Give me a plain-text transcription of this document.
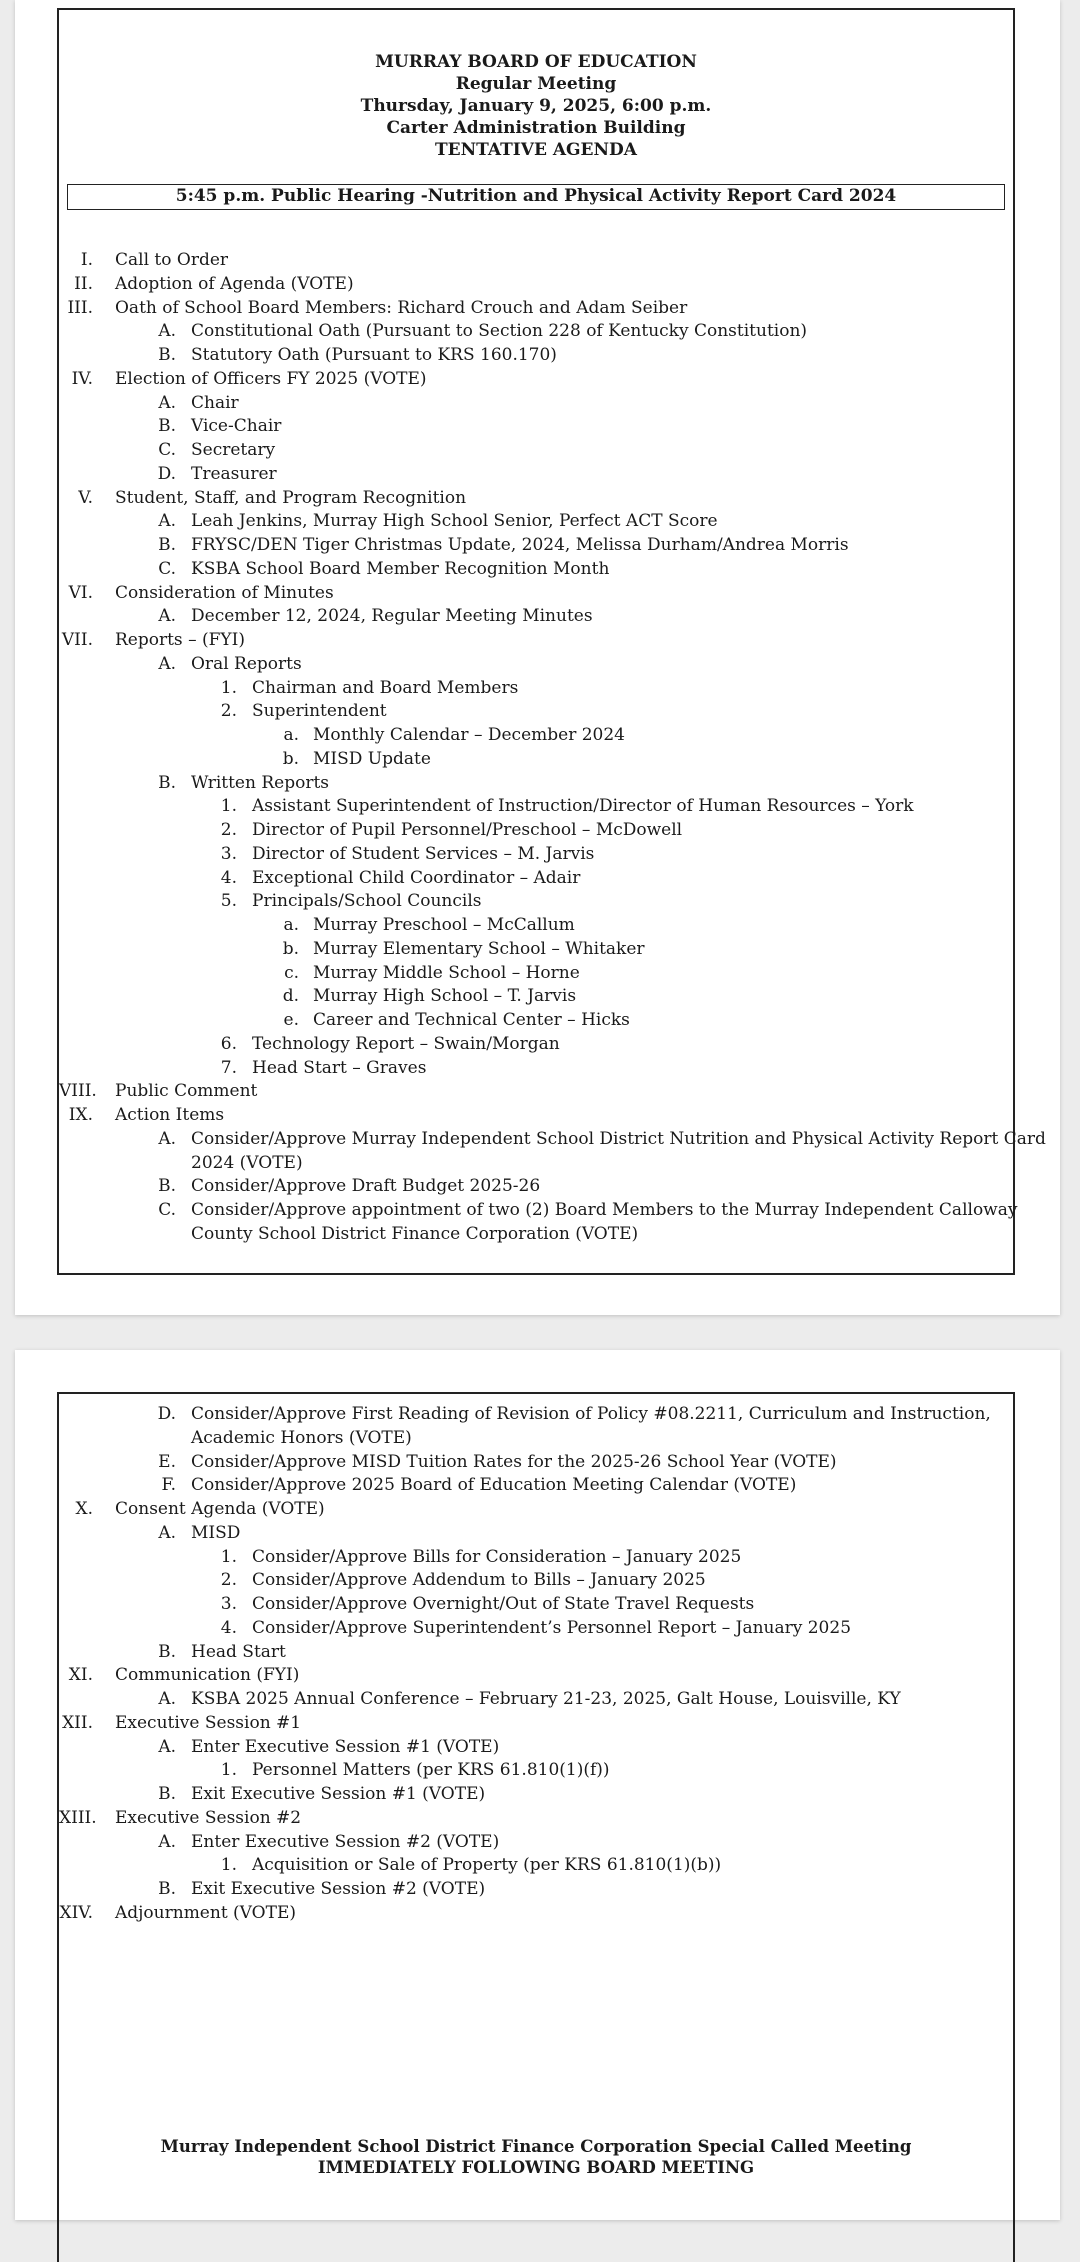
MURRAY BOARD OF EDUCATION
Regular Meeting
Thursday, January 9, 2025, 6:00 p.m.
Carter Administration Building
TENTATIVE AGENDA
5:45 p.m. Public Hearing -Nutrition and Physical Activity Report Card 2024
I. Call to Order
II. Adoption of Agenda (VOTE)
III. Oath of School Board Members: Richard Crouch and Adam Seiber
A. Constitutional Oath (Pursuant to Section 228 of Kentucky Constitution)
B. Statutory Oath (Pursuant to KRS 160.170)
IV. Election of Officers FY 2025 (VOTE)
A. Chair
B. Vice-Chair
C. Secretary
D. Treasurer
V. Student, Staff, and Program Recognition
A. Leah Jenkins, Murray High School Senior, Perfect ACT Score
B. FRYSC/DEN Tiger Christmas Update, 2024, Melissa Durham/Andrea Morris
C. KSBA School Board Member Recognition Month
VI. Consideration of Minutes
A. December 12, 2024, Regular Meeting Minutes
VII. Reports – (FYI)
A. Oral Reports
1. Chairman and Board Members
2. Superintendent
a. Monthly Calendar – December 2024
b. MISD Update
B. Written Reports
1. Assistant Superintendent of Instruction/Director of Human Resources – York
2. Director of Pupil Personnel/Preschool – McDowell
3. Director of Student Services – M. Jarvis
4. Exceptional Child Coordinator – Adair
5. Principals/School Councils
a. Murray Preschool – McCallum
b. Murray Elementary School – Whitaker
c. Murray Middle School – Horne
d. Murray High School – T. Jarvis
e. Career and Technical Center – Hicks
6. Technology Report – Swain/Morgan
7. Head Start – Graves
VIII. Public Comment
IX. Action Items
A. Consider/Approve Murray Independent School District Nutrition and Physical Activity Report Card
2024 (VOTE)
B. Consider/Approve Draft Budget 2025-26
C. Consider/Approve appointment of two (2) Board Members to the Murray Independent Calloway
County School District Finance Corporation (VOTE)
D. Consider/Approve First Reading of Revision of Policy #08.2211, Curriculum and Instruction,
Academic Honors (VOTE)
E. Consider/Approve MISD Tuition Rates for the 2025-26 School Year (VOTE)
F. Consider/Approve 2025 Board of Education Meeting Calendar (VOTE)
X. Consent Agenda (VOTE)
A. MISD
1. Consider/Approve Bills for Consideration – January 2025
2. Consider/Approve Addendum to Bills – January 2025
3. Consider/Approve Overnight/Out of State Travel Requests
4. Consider/Approve Superintendent’s Personnel Report – January 2025
B. Head Start
XI. Communication (FYI)
A. KSBA 2025 Annual Conference – February 21-23, 2025, Galt House, Louisville, KY
XII. Executive Session #1
A. Enter Executive Session #1 (VOTE)
1. Personnel Matters (per KRS 61.810(1)(f))
B. Exit Executive Session #1 (VOTE)
XIII. Executive Session #2
A. Enter Executive Session #2 (VOTE)
1. Acquisition or Sale of Property (per KRS 61.810(1)(b))
B. Exit Executive Session #2 (VOTE)
XIV. Adjournment (VOTE)
Murray Independent School District Finance Corporation Special Called Meeting
IMMEDIATELY FOLLOWING BOARD MEETING
